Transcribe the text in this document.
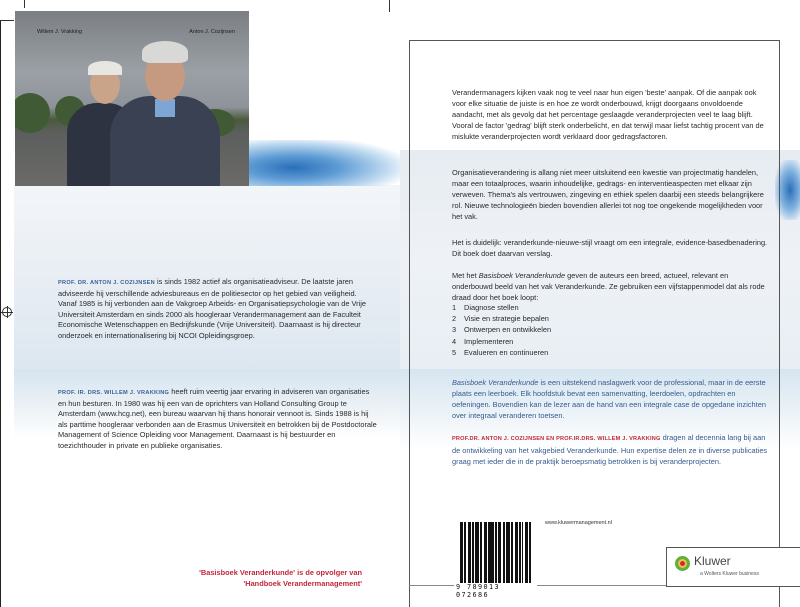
Willem J. Vrakking	Anton J. Cozijnsen
PROF. DR. ANTON J. COZIJNSEN is sinds 1982 actief als organisatieadviseur. De laatste jaren adviseerde hij verschillende adviesbureaus en de politiesector op het gebied van veiligheid.
Vanaf 1985 is hij verbonden aan de Vakgroep Arbeids- en Organisatiepsychologie van de Vrije Universiteit Amsterdam en sinds 2000 als hoogleraar Verandermanagement aan de Faculteit Economische Wetenschappen en Bedrijfskunde (Vrije Universiteit). Daarnaast is hij directeur onderzoek en internationalisering bij NCOI Opleidingsgroep.
PROF. IR. DRS. WILLEM J. VRAKKING heeft ruim veertig jaar ervaring in adviseren van organisaties en hun besturen. In 1980 was hij een van de oprichters van Holland Consulting Group te Amsterdam (www.hcg.net), een bureau waarvan hij thans honorair vennoot is. Sinds 1988 is hij als parttime hoogleraar verbonden aan de Erasmus Universiteit en betrokken bij de Postdoctorale Management of Science Opleiding voor Management. Daarnaast is hij bestuurder en toezichthouder in private en publieke organisaties.
'Basisboek Veranderkunde' is de opvolger van
'Handboek Verandermanagement'
Verandermanagers kijken vaak nog te veel naar hun eigen 'beste' aanpak. Of die aanpak ook voor elke situatie de juiste is en hoe ze wordt onderbouwd, krijgt doorgaans onvoldoende aandacht, met als gevolg dat het percentage geslaagde veranderprojecten veel te laag blijft.
Vooral de factor 'gedrag' blijft sterk onderbelicht, en dat terwijl maar liefst tachtig procent van de mislukte veranderprojecten wordt verklaard door gedragsfactoren.
Organisatieverandering is allang niet meer uitsluitend een kwestie van projectmatig handelen, maar een totaalproces, waarin inhoudelijke, gedrags- en interventieaspecten met elkaar zijn verweven. Thema's als vertrouwen, zingeving en ethiek spelen daarbij een steeds belangrijkere rol. Nieuwe technologieën bieden bovendien allerlei tot nog toe ongekende mogelijkheden voor het vak.
Het is duidelijk: veranderkunde-nieuwe-stijl vraagt om een integrale, evidence-basedbenadering. Dit boek doet daarvan verslag.
Met het Basisboek Veranderkunde geven de auteurs een breed, actueel, relevant en onderbouwd beeld van het vak Veranderkunde. Ze gebruiken een vijfstappenmodel dat als rode draad door het boek loopt:
1 Diagnose stellen
2 Visie en strategie bepalen
3 Ontwerpen en ontwikkelen
4 Implementeren
5 Evalueren en continueren
Basisboek Veranderkunde is een uitstekend naslagwerk voor de professional, maar in de eerste plaats een leerboek. Elk hoofdstuk bevat een samenvatting, leerdoelen, opdrachten en oefeningen. Bovendien kan de lezer aan de hand van een integrale case de opgedane inzichten over integraal veranderen toetsen.
PROF.DR. ANTON J. COZIJNSEN EN PROF.IR.DRS. WILLEM J. VRAKKING dragen al decennia lang bij aan de ontwikkeling van het vakgebied Veranderkunde. Hun expertise delen ze in diverse publicaties graag met ieder die in de praktijk beroepsmatig betrokken is bij veranderprojecten.
9 789013 072686
www.kluwermanagement.nl
Kluwer
a Wolters Kluwer business
